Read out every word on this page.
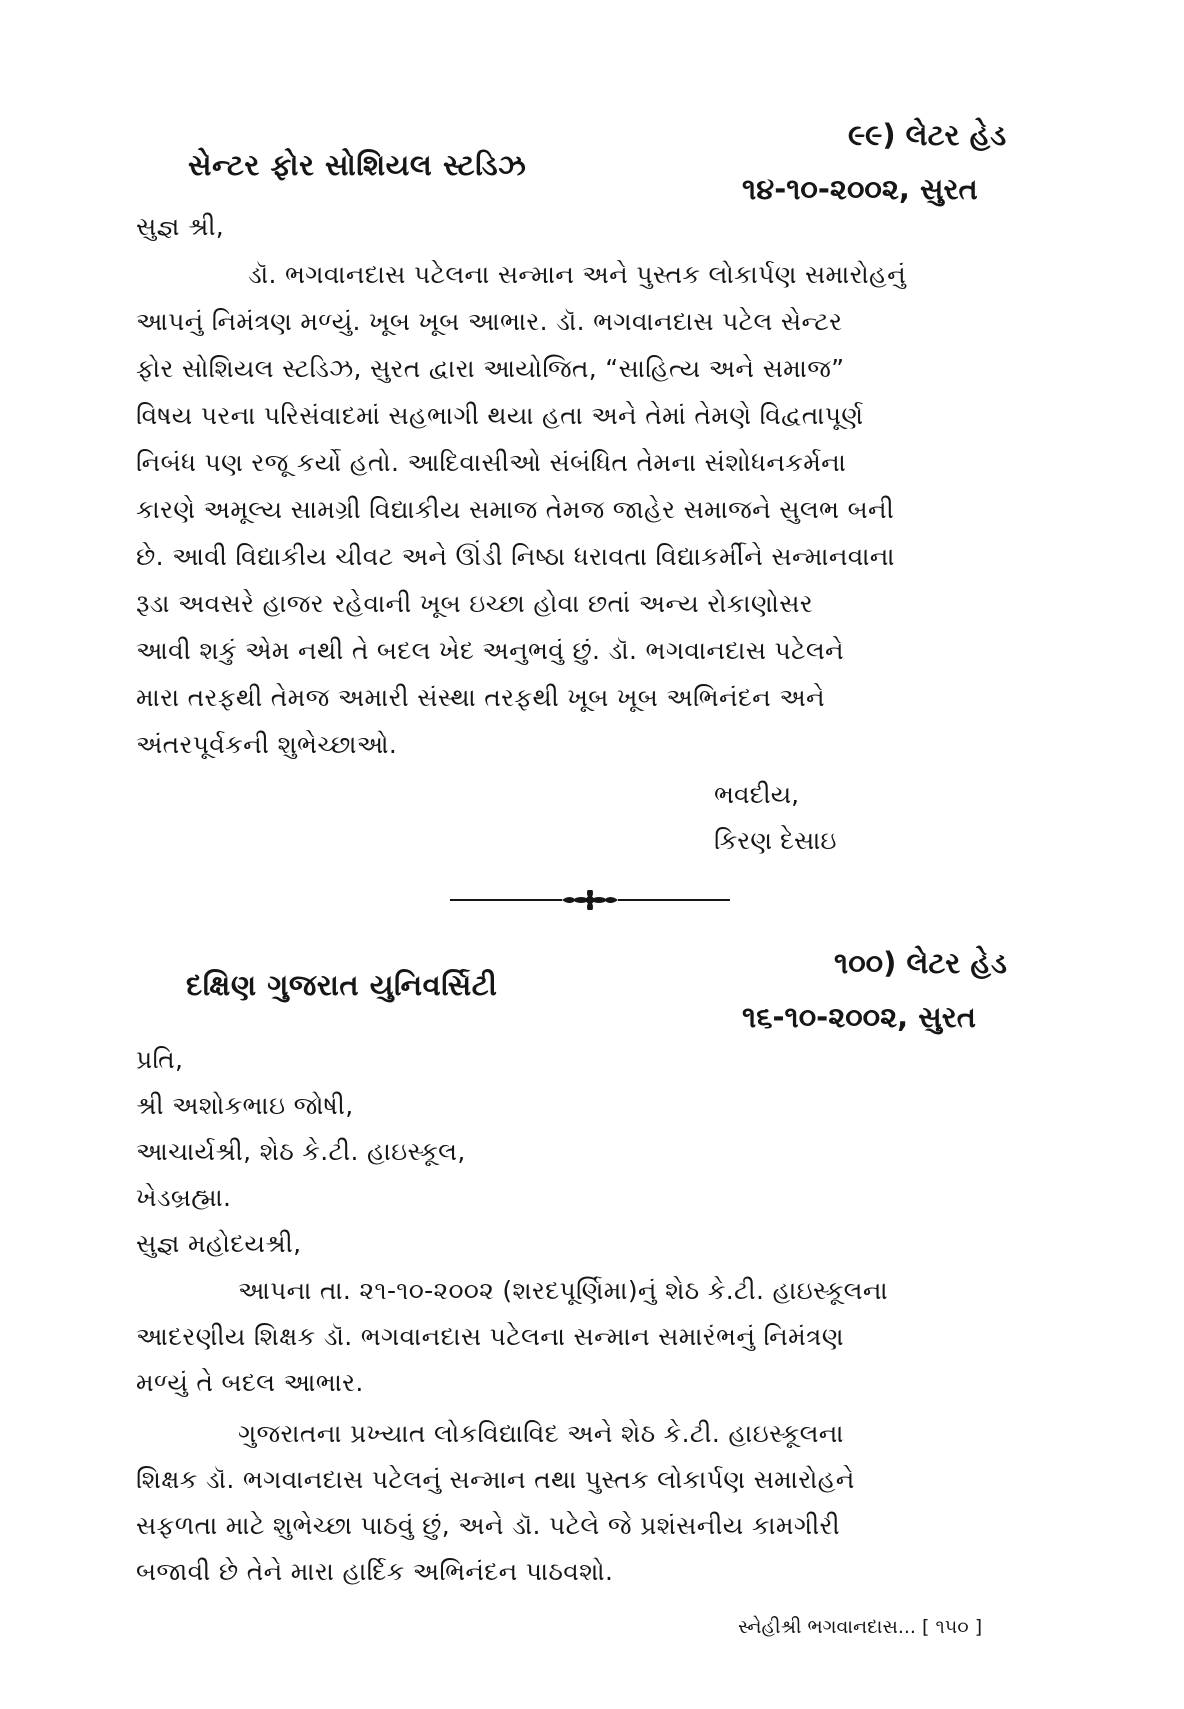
સેન્ટર ફોર સોશિયલ સ્ટડિઝ
૯૯) લેટર હેડ
૧૪-૧૦-૨૦૦૨, સુરત
સુજ્ઞ શ્રી,
ડૉ. ભગવાનદાસ પટેલના સન્માન અને પુસ્તક લોકાર્પણ સમારોહનું
આપનું નિમંત્રણ મળ્યું. ખૂબ ખૂબ આભાર. ડૉ. ભગવાનદાસ પટેલ સેન્ટર
ફોર સોશિયલ સ્ટડિઝ, સુરત દ્વારા આયોજિત, “સાહિત્ય અને સમાજ”
વિષય પરના પરિસંવાદમાં સહભાગી થયા હતા અને તેમાં તેમણે વિદ્વતાપૂર્ણ
નિબંધ પણ રજૂ કર્યો હતો. આદિવાસીઓ સંબંધિત તેમના સંશોધનકર્મના
કારણે અમૂલ્ય સામગ્રી વિદ્યાકીય સમાજ તેમજ જાહેર સમાજને સુલભ બની
છે. આવી વિદ્યાકીય ચીવટ અને ઊંડી નિષ્ઠા ધરાવતા વિદ્યાકર્મીને સન્માનવાના
રૂડા અવસરે હાજર રહેવાની ખૂબ ઇચ્છા હોવા છતાં અન્ય રોકાણોસર
આવી શકું એમ નથી તે બદલ ખેદ અનુભવું છું. ડૉ. ભગવાનદાસ પટેલને
મારા તરફથી તેમજ અમારી સંસ્થા તરફથી ખૂબ ખૂબ અભિનંદન અને
અંતરપૂર્વકની શુભેચ્છાઓ.
ભવદીય,
કિરણ દેસાઇ
દક્ષિણ ગુજરાત યુનિવર્સિટી
૧૦૦) લેટર હેડ
૧૬-૧૦-૨૦૦૨, સુરત
પ્રતિ,
શ્રી અશોકભાઇ જોષી,
આચાર્યશ્રી, શેઠ કે.ટી. હાઇસ્કૂલ,
ખેડબ્રહ્મા.
સુજ્ઞ મહોદયશ્રી,
આપના તા. ૨૧-૧૦-૨૦૦૨ (શરદપૂર્ણિમા)નું શેઠ કે.ટી. હાઇસ્કૂલના
આદરણીય શિક્ષક ડૉ. ભગવાનદાસ પટેલના સન્માન સમારંભનું નિમંત્રણ
મળ્યું તે બદલ આભાર.
ગુજરાતના પ્રખ્યાત લોકવિદ્યાવિદ અને શેઠ કે.ટી. હાઇસ્કૂલના
શિક્ષક ડૉ. ભગવાનદાસ પટેલનું સન્માન તથા પુસ્તક લોકાર્પણ સમારોહને
સફળતા માટે શુભેચ્છા પાઠવું છું, અને ડૉ. પટેલે જે પ્રશંસનીય કામગીરી
બજાવી છે તેને મારા હાર્દિક અભિનંદન પાઠવશો.
સ્નેહીશ્રી ભગવાનદાસ... [ ૧૫૦ ]
